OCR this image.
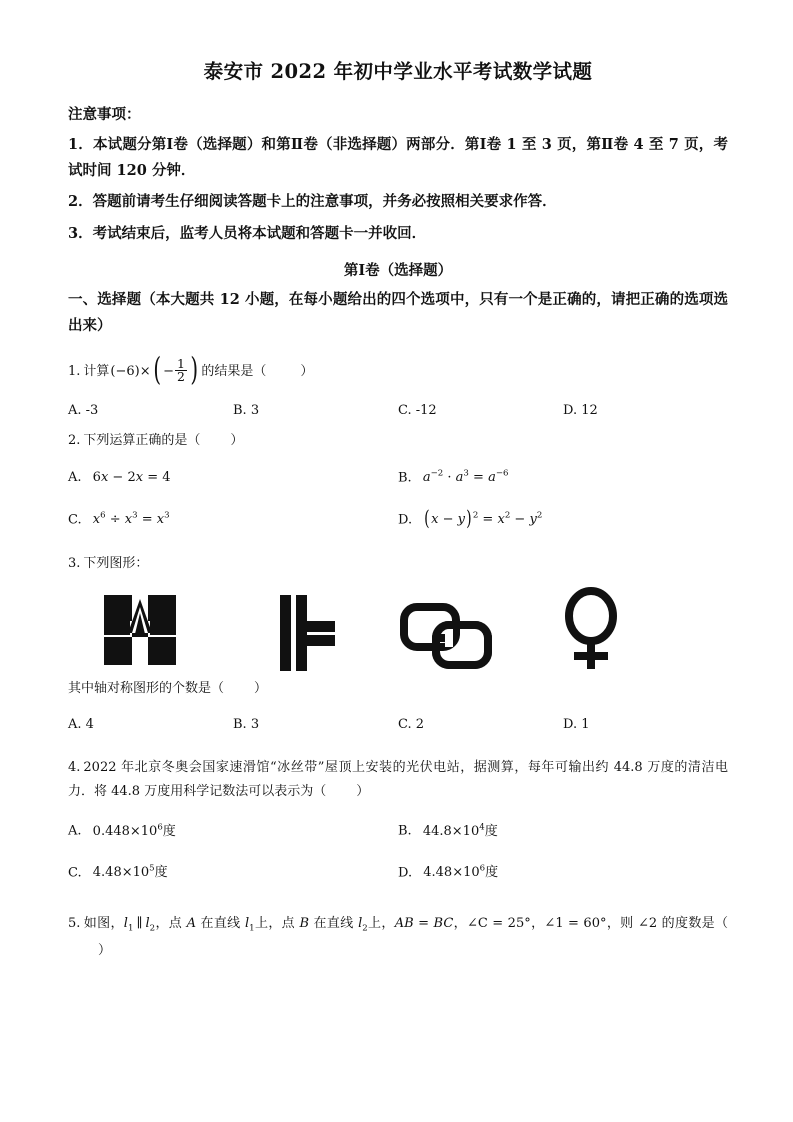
泰安市 2022 年初中学业水平考试数学试题
注意事项：
1．本试题分第Ⅰ卷（选择题）和第Ⅱ卷（非选择题）两部分．第Ⅰ卷 1 至 3 页，第Ⅱ卷 4 至 7 页，考试时间 120 分钟．
2．答题前请考生仔细阅读答题卡上的注意事项，并务必按照相关要求作答．
3．考试结束后，监考人员将本试题和答题卡一并收回．
第Ⅰ卷（选择题）
一、选择题（本大题共 12 小题，在每小题给出的四个选项中，只有一个是正确的，请把正确的选项选出来）
1. 计算 $(-6)\times( - \frac{1}{2}$ ) 的结果是（	）
A. -3	B. 3	C. -12	D. 12
2. 下列运算正确的是（ ）
A. 6x − 2x = 4	B. $a^{-2} \cdot a^3 = a^{-6}$
C. $x^6 \div x^3 = x^3$	D. $(x - y)^2 = x^2 - y^2$
3. 下列图形：
其中轴对称图形的个数是（ ）
A. 4	B. 3	C. 2	D. 1
4. 2022 年北京冬奥会国家速滑馆“冰丝带”屋顶上安装的光伏电站，据测算，每年可输出约 44.8 万度的清洁电力．将 44.8 万度用科学记数法可以表示为（ ）
A. $0.448\times 10^6$度	B. $44.8\times 10^4$度
C. $4.48\times 10^5$度	D. $4.48\times 10^6$度
5. 如图，$l_1$ ∥ $l_2$，点 A 在直线 $l_1$上，点 B 在直线 $l_2$上，AB = BC，∠C = 25°，∠1 = 60°，则 ∠2 的度数是（）
